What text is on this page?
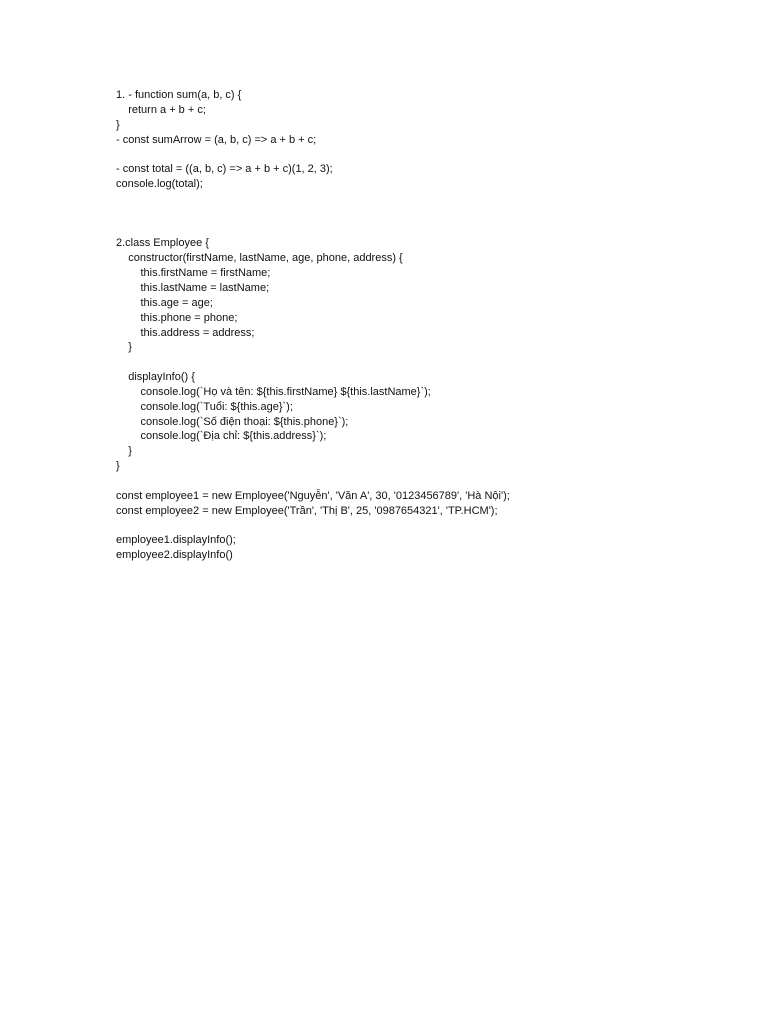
1. - function sum(a, b, c) {
return a + b + c;
}
- const sumArrow = (a, b, c) => a + b + c;
- const total = ((a, b, c) => a + b + c)(1, 2, 3);
console.log(total);
2.class Employee {
constructor(firstName, lastName, age, phone, address) {
this.firstName = firstName;
this.lastName = lastName;
this.age = age;
this.phone = phone;
this.address = address;
}
displayInfo() {
console.log(`Họ và tên: ${this.firstName} ${this.lastName}`);
console.log(`Tuổi: ${this.age}`);
console.log(`Số điện thoại: ${this.phone}`);
console.log(`Địa chỉ: ${this.address}`);
}
}
const employee1 = new Employee('Nguyễn', 'Văn A', 30, '0123456789', 'Hà Nội');
const employee2 = new Employee('Trần', 'Thị B', 25, '0987654321', 'TP.HCM');
employee1.displayInfo();
employee2.displayInfo()
